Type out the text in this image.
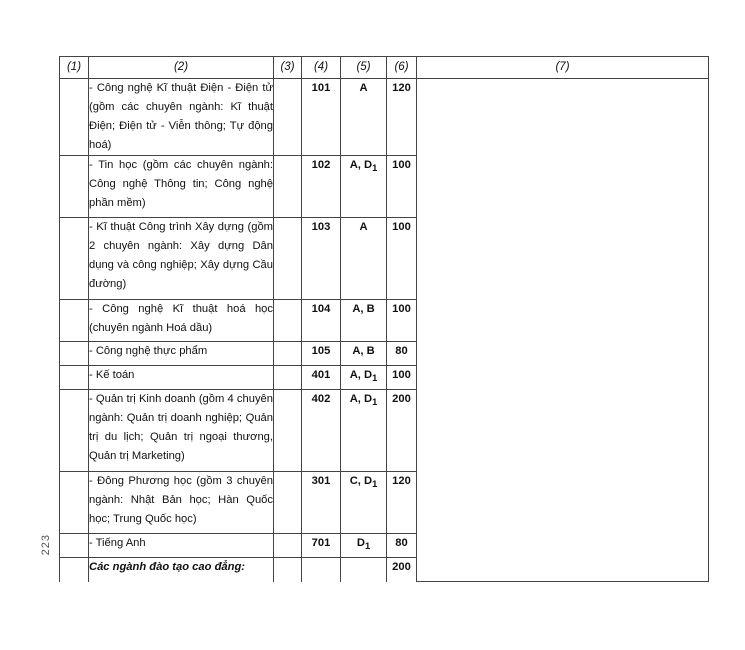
(1)	(2)	(3)	(4)	(5)	(6)	(7)
	- Công nghệ Kĩ thuật Điện - Điện tử (gồm các chuyên ngành: Kĩ thuật Điện; Điện tử - Viễn thông; Tự động hoá)		101	A	120	
	- Tin học (gồm các chuyên ngành: Công nghệ Thông tin; Công nghệ phần mềm)		102	A, $D_1$	100	
	- Kĩ thuật Công trình Xây dựng (gồm 2 chuyên ngành: Xây dựng Dân dụng và công nghiệp; Xây dựng Cầu đường)		103	A	100	
	- Công nghệ Kĩ thuật hoá học (chuyên ngành Hoá dầu)		104	A, B	100	
	- Công nghệ thực phẩm		105	A, B	80	
	- Kế toán		401	A, $D_1$	100	
	- Quản trị Kinh doanh (gồm 4 chuyên ngành: Quản trị doanh nghiệp; Quản trị du lịch; Quản trị ngoại thương, Quản trị Marketing)		402	A, $D_1$	200	
	- Đông Phương học (gồm 3 chuyên ngành: Nhật Bản học; Hàn Quốc học; Trung Quốc học)		301	C, $D_1$	120	
	- Tiếng Anh		701	$D_1$	80	
	Các ngành đào tạo cao đẳng:				200	
223
